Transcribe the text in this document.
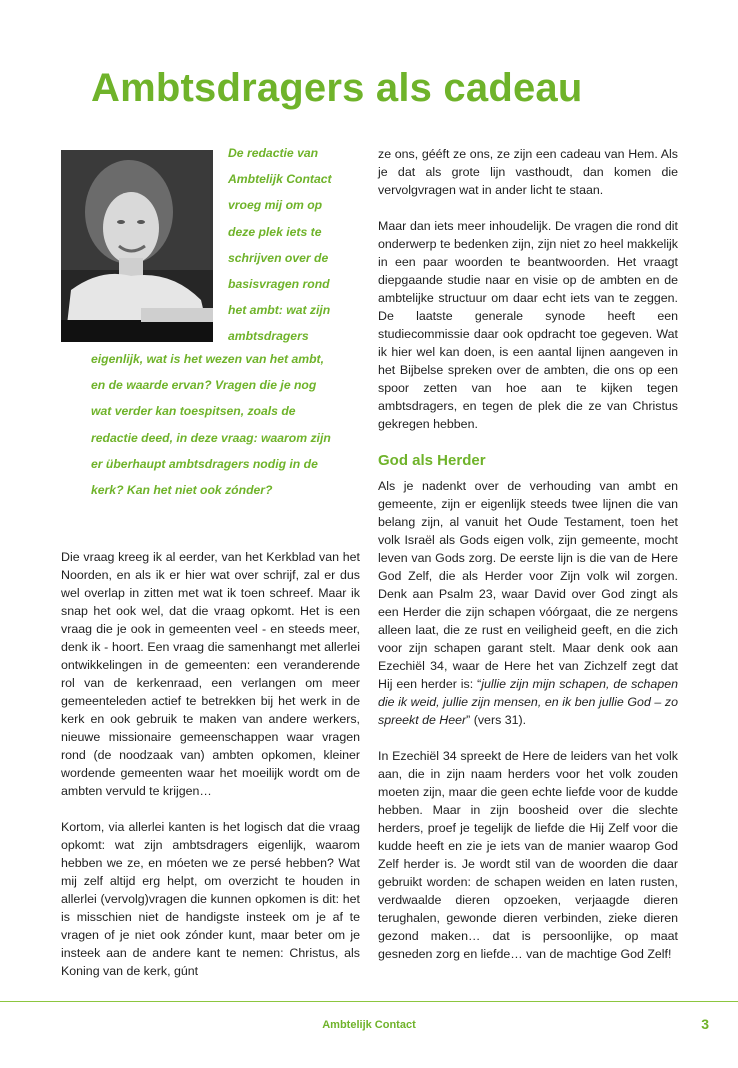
Ambtsdragers als cadeau
De redactie van
Ambtelijk Contact
vroeg mij om op
deze plek iets te
schrijven over de
basisvragen rond
het ambt: wat zijn
ambtsdragers
eigenlijk, wat is het wezen van het ambt,
en de waarde ervan? Vragen die je nog
wat verder kan toespitsen, zoals de
redactie deed, in deze vraag: waarom zijn
er überhaupt ambtsdragers nodig in de
kerk? Kan het niet ook zónder?

Die vraag kreeg ik al eerder, van het Kerkblad van het Noorden, en als ik er hier wat over schrijf, zal er dus wel overlap in zitten met wat ik toen schreef. Maar ik snap het ook wel, dat die vraag opkomt. Het is een vraag die je ook in gemeenten veel - en steeds meer, denk ik - hoort. Een vraag die samenhangt met allerlei ontwikkelingen in de gemeenten: een veranderende rol van de kerkenraad, een verlangen om meer gemeenteleden actief te betrekken bij het werk in de kerk en ook gebruik te maken van andere werkers, nieuwe missionaire gemeenschappen waar vragen rond (de noodzaak van) ambten opkomen, kleiner wordende gemeenten waar het moeilijk wordt om de ambten vervuld te krijgen…

Kortom, via allerlei kanten is het logisch dat die vraag opkomt: wat zijn ambtsdragers eigenlijk, waarom hebben we ze, en móeten we ze persé hebben? Wat mij zelf altijd erg helpt, om overzicht te houden in allerlei (vervolg)vragen die kunnen opkomen is dit: het is misschien niet de handigste insteek om je af te vragen of je niet ook zónder kunt, maar beter om je insteek aan de andere kant te nemen: Christus, als Koning van de kerk, gúnt

ze ons, gééft ze ons, ze zijn een cadeau van Hem. Als je dat als grote lijn vasthoudt, dan komen die vervolgvragen wat in ander licht te staan.

Maar dan iets meer inhoudelijk. De vragen die rond dit onderwerp te bedenken zijn, zijn niet zo heel makkelijk in een paar woorden te beantwoorden. Het vraagt diepgaande studie naar en visie op de ambten en de ambtelijke structuur om daar echt iets van te zeggen. De laatste generale synode heeft een studiecommissie daar ook opdracht toe gegeven. Wat ik hier wel kan doen, is een aantal lijnen aangeven in het Bijbelse spreken over de ambten, die ons op een spoor zetten van hoe aan te kijken tegen ambtsdragers, en tegen de plek die ze van Christus gekregen hebben.

God als Herder

Als je nadenkt over de verhouding van ambt en gemeente, zijn er eigenlijk steeds twee lijnen die van belang zijn, al vanuit het Oude Testament, toen het volk Israël als Gods eigen volk, zijn gemeente, mocht leven van Gods zorg. De eerste lijn is die van de Here God Zelf, die als Herder voor Zijn volk wil zorgen. Denk aan Psalm 23, waar David over God zingt als een Herder die zijn schapen vóórgaat, die ze nergens alleen laat, die ze rust en veiligheid geeft, en die zich voor zijn schapen garant stelt. Maar denk ook aan Ezechiël 34, waar de Here het van Zichzelf zegt dat Hij een herder is: “jullie zijn mijn schapen, de schapen die ik weid, jullie zijn mensen, en ik ben jullie God – zo spreekt de Heer” (vers 31).

In Ezechiël 34 spreekt de Here de leiders van het volk aan, die in zijn naam herders voor het volk zouden moeten zijn, maar die geen echte liefde voor de kudde hebben. Maar in zijn boosheid over die slechte herders, proef je tegelijk de liefde die Hij Zelf voor die kudde heeft en zie je iets van de manier waarop God Zelf herder is. Je wordt stil van de woorden die daar gebruikt worden: de schapen weiden en laten rusten, verdwaalde dieren opzoeken, verjaagde dieren terughalen, gewonde dieren verbinden, zieke dieren gezond maken… dat is persoonlijke, op maat gesneden zorg en liefde… van de machtige God Zelf!

Ambtelijk Contact	3
